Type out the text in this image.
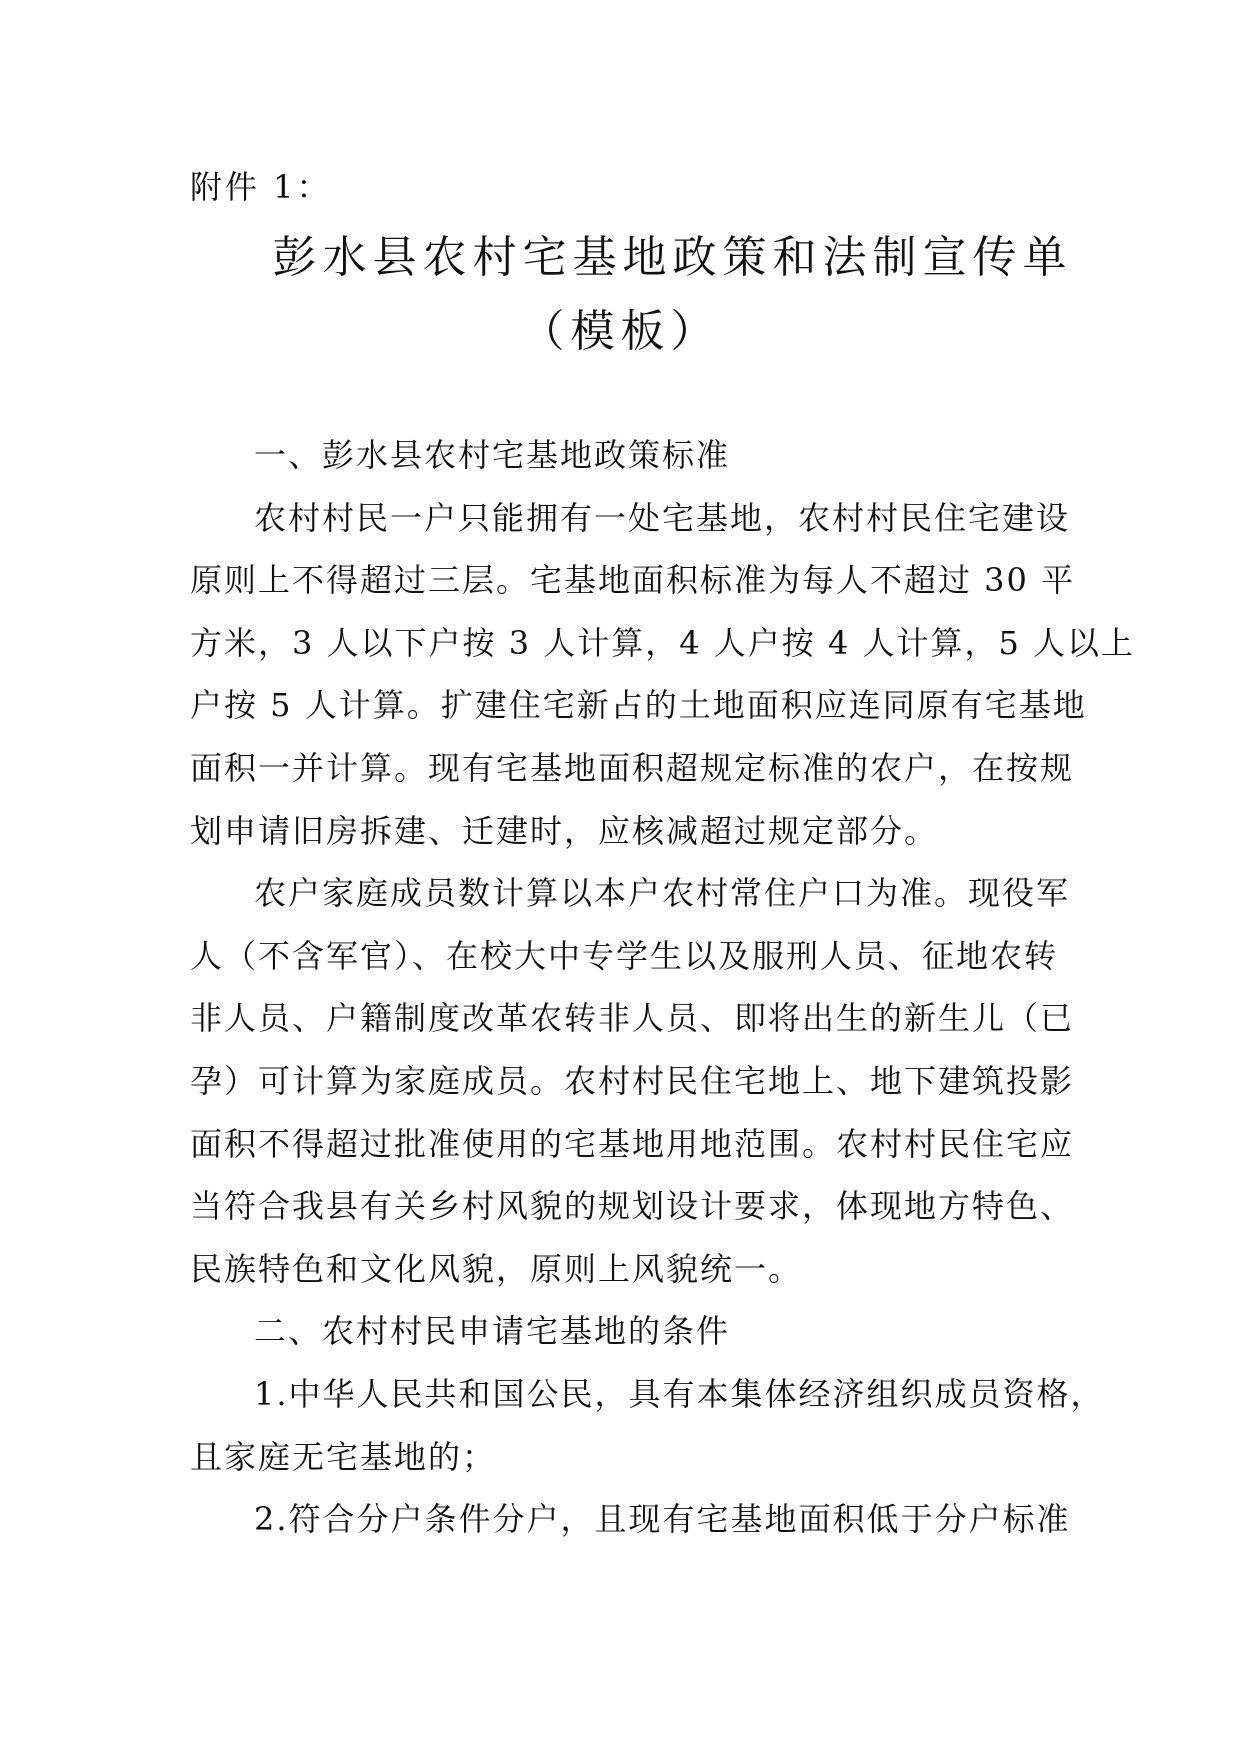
附件 1：
彭水县农村宅基地政策和法制宣传单
（模板）
一、彭水县农村宅基地政策标准
农村村民一户只能拥有一处宅基地，农村村民住宅建设
原则上不得超过三层。宅基地面积标准为每人不超过 30 平
方米，3 人以下户按 3 人计算，4 人户按 4 人计算，5 人以上
户按 5 人计算。扩建住宅新占的土地面积应连同原有宅基地
面积一并计算。现有宅基地面积超规定标准的农户，在按规
划申请旧房拆建、迁建时，应核减超过规定部分。
农户家庭成员数计算以本户农村常住户口为准。现役军
人（不含军官）、在校大中专学生以及服刑人员、征地农转
非人员、户籍制度改革农转非人员、即将出生的新生儿（已
孕）可计算为家庭成员。农村村民住宅地上、地下建筑投影
面积不得超过批准使用的宅基地用地范围。农村村民住宅应
当符合我县有关乡村风貌的规划设计要求，体现地方特色、
民族特色和文化风貌，原则上风貌统一。
二、农村村民申请宅基地的条件
1.中华人民共和国公民，具有本集体经济组织成员资格，
且家庭无宅基地的；
2.符合分户条件分户，且现有宅基地面积低于分户标准
